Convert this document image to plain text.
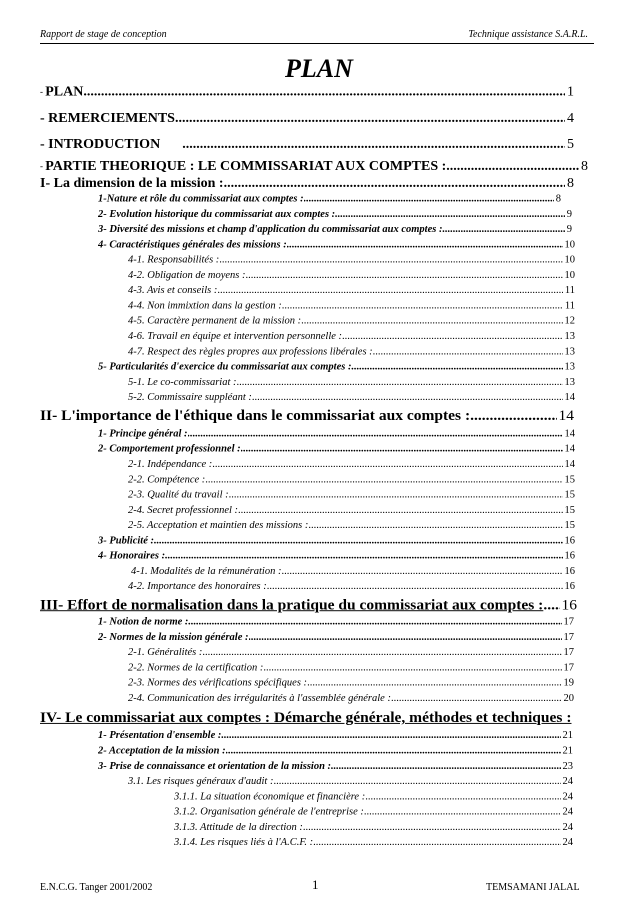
Rapport de stage de conception	Technique assistance S.A.R.L.
PLAN
- PLAN .....	1
- REMERCIEMENTS .....	4
- INTRODUCTION .....	5
- PARTIE THEORIQUE : LE COMMISSARIAT AUX COMPTES : .....	8
I- La dimension de la mission : .....	8
1-Nature et rôle du commissariat aux comptes : .....	8
2- Evolution historique du commissariat aux comptes : .....	9
3- Diversité des missions et champ d'application du commissariat aux comptes : .....	9
4- Caractéristiques générales des missions : .....	10
4-1. Responsabilités : .....	10
4-2. Obligation de moyens : .....	10
4-3. Avis et conseils : .....	11
4-4. Non immixtion dans la gestion : .....	11
4-5. Caractère permanent de la mission : .....	12
4-6. Travail en équipe et intervention personnelle : .....	13
4-7. Respect des règles propres aux professions libérales : .....	13
5- Particularités d'exercice du commissariat aux comptes : .....	13
5-1. Le co-commissariat : .....	13
5-2. Commissaire suppléant : .....	14
II- L'importance de l'éthique dans le commissariat aux comptes : .....	14
1- Principe général : .....	14
2- Comportement professionnel : .....	14
2-1. Indépendance : .....	14
2-2. Compétence : .....	15
2-3. Qualité du travail : .....	15
2-4. Secret professionnel : .....	15
2-5. Acceptation et maintien des missions : .....	15
3- Publicité : .....	16
4- Honoraires : .....	16
4-1. Modalités de la rémunération : .....	16
4-2. Importance des honoraires : .....	16
III- Effort de normalisation dans la pratique du commissariat aux comptes : ..... 16
1- Notion de norme : .....	17
2- Normes de la mission générale : .....	17
2-1. Généralités : .....	17
2-2. Normes de la certification : .....	17
2-3. Normes des vérifications spécifiques : .....	19
2-4. Communication des irrégularités à l'assemblée générale : .....	20
IV- Le commissariat aux comptes : Démarche générale, méthodes et techniques :
1- Présentation d'ensemble : .....	21
2- Acceptation de la mission : .....	21
3- Prise de connaissance et orientation de la mission : .....	23
3.1. Les risques généraux d'audit : .....	24
3.1.1. La situation économique et financière : .....	24
3.1.2. Organisation générale de l'entreprise : .....	24
3.1.3. Attitude de la direction : .....	24
3.1.4. Les risques liés à l'A.C.F. : .....	24
E.N.C.G. Tanger 2001/2002	1	TEMSAMANI JALAL
